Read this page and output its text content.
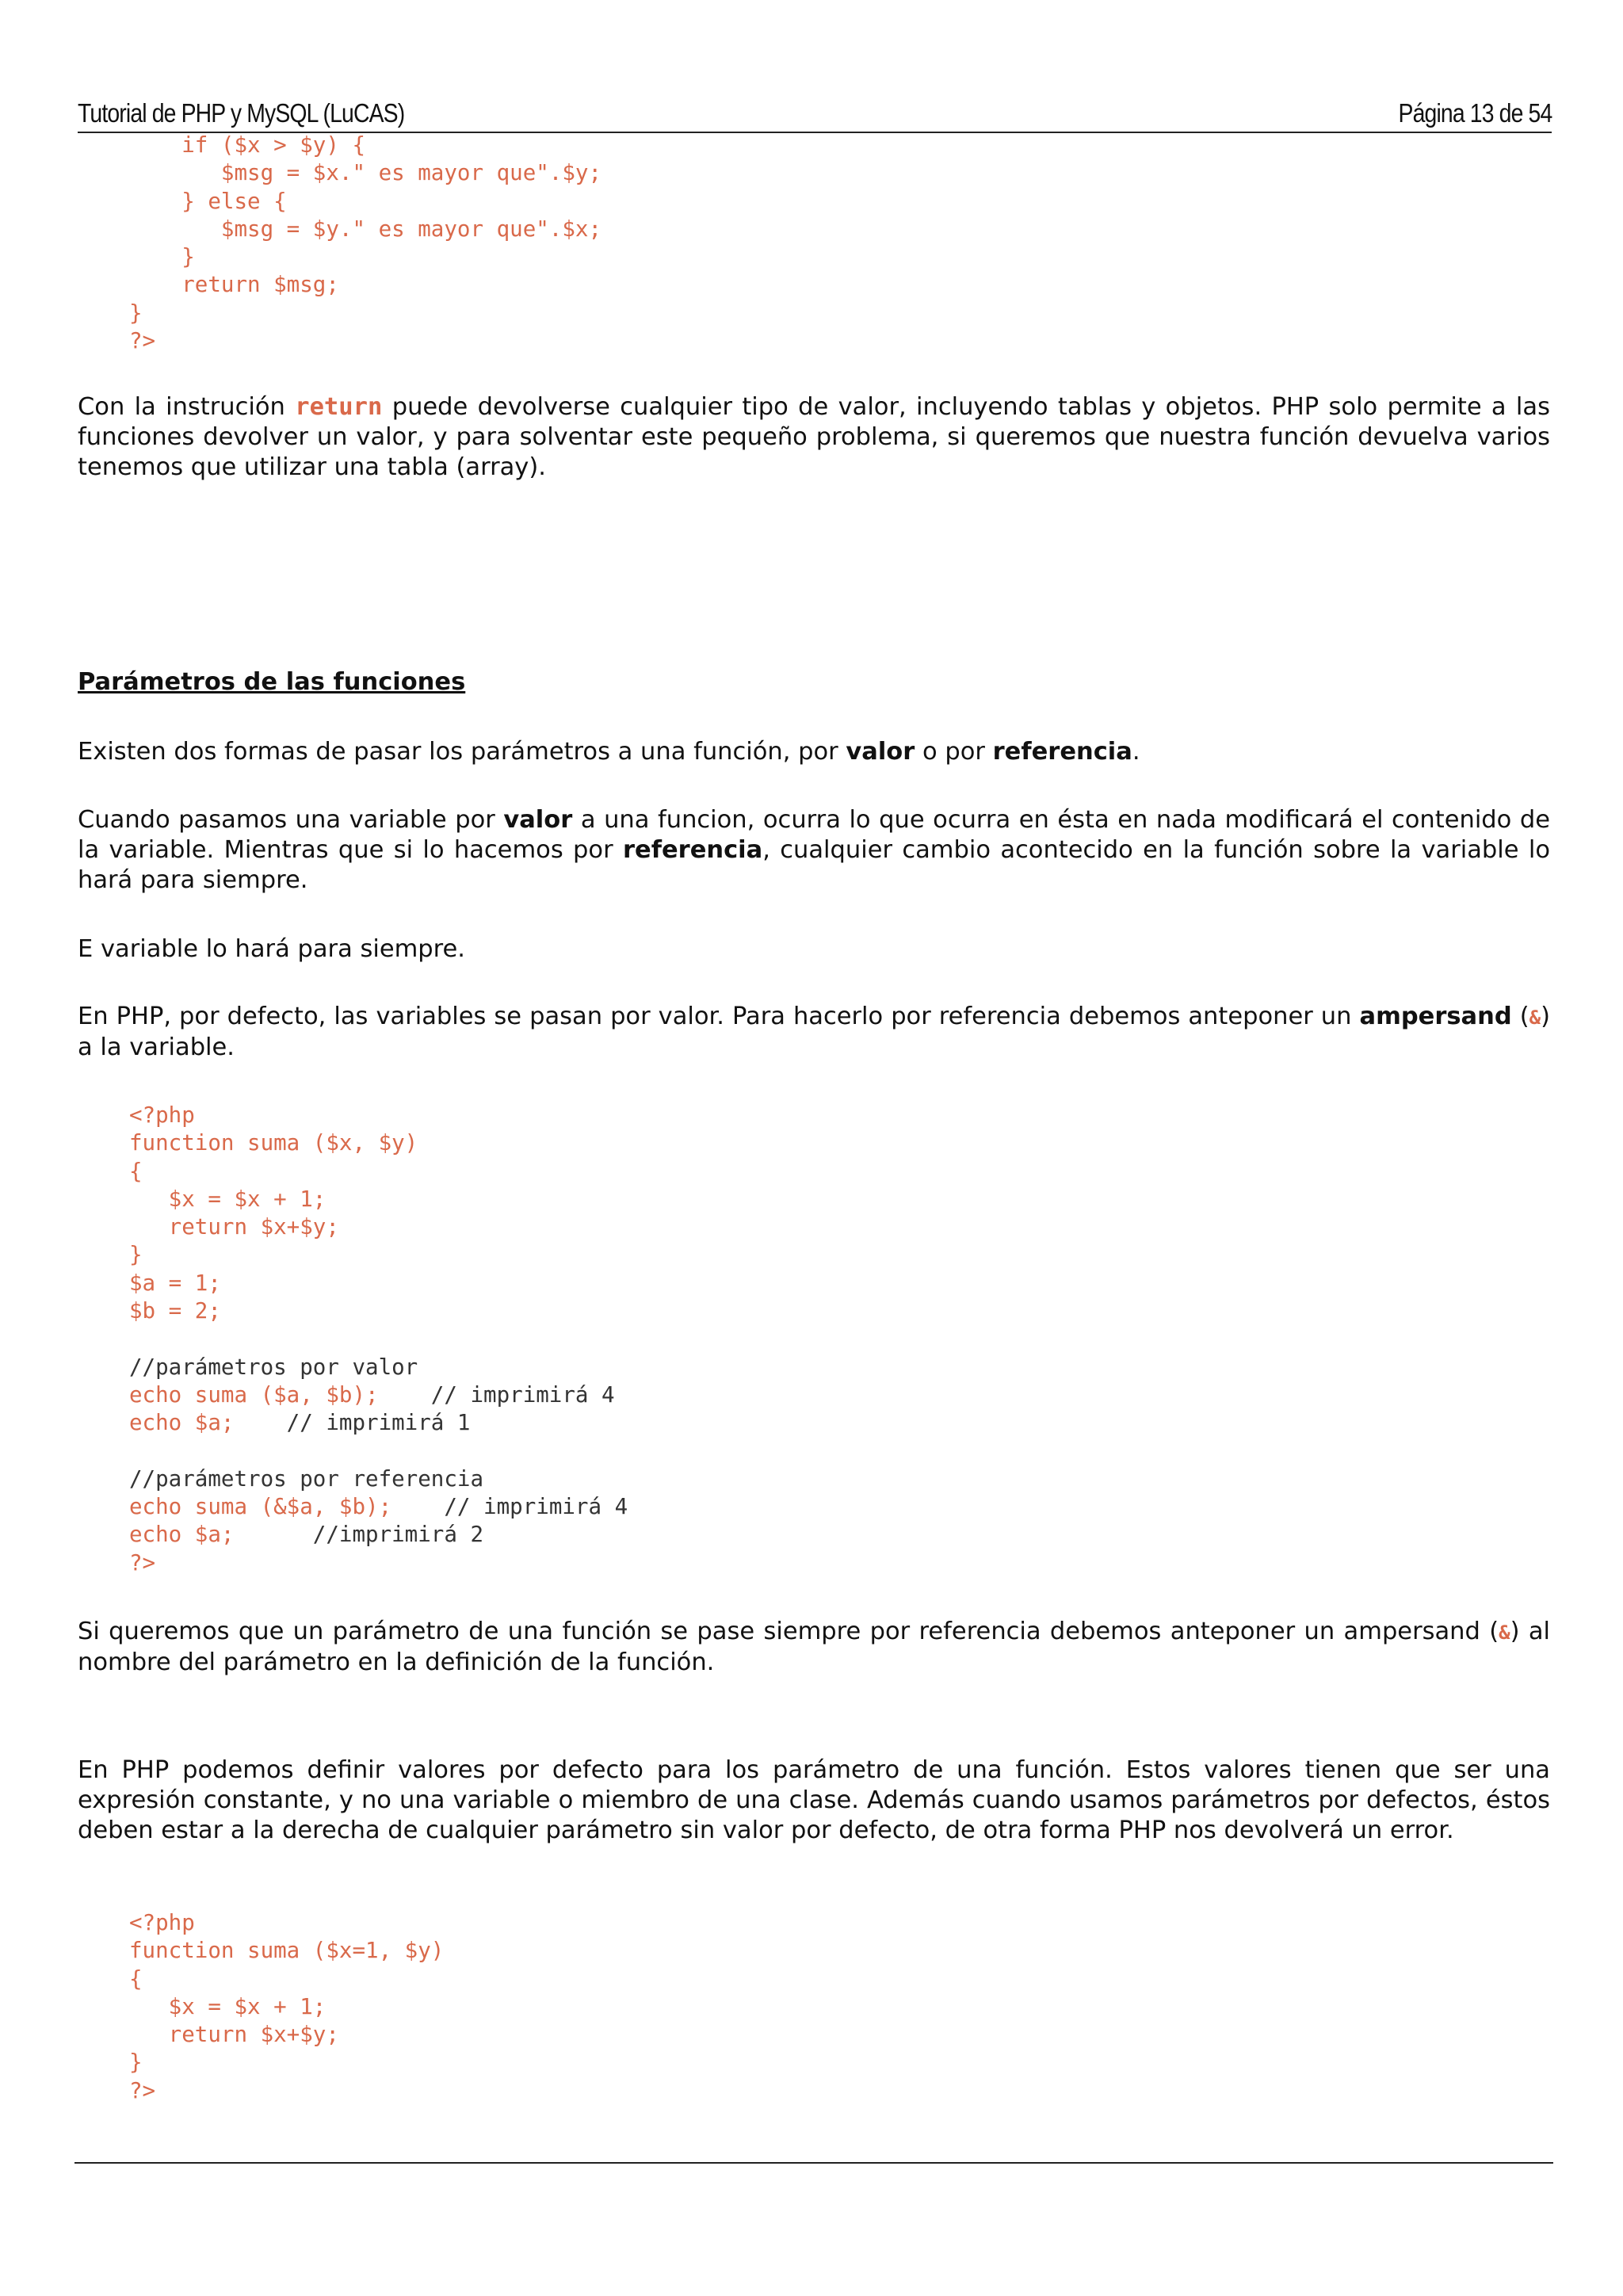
Tutorial de PHP y MySQL (LuCAS)	Página 13 de 54
if ($x > $y) {
$msg = $x." es mayor que".$y;
} else {
$msg = $y." es mayor que".$x;
}
return $msg;
}
?>

Con la instrución return puede devolverse cualquier tipo de valor, incluyendo tablas y objetos. PHP solo permite a las funciones devolver un valor, y para solventar este pequeño problema, si queremos que nuestra función devuelva varios tenemos que utilizar una tabla (array).

Parámetros de las funciones

Existen dos formas de pasar los parámetros a una función, por valor o por referencia.

Cuando pasamos una variable por valor a una funcion, ocurra lo que ocurra en ésta en nada modificará el contenido de la variable. Mientras que si lo hacemos por referencia, cualquier cambio acontecido en la función sobre la variable lo hará para siempre.

E variable lo hará para siempre.

En PHP, por defecto, las variables se pasan por valor. Para hacerlo por referencia debemos anteponer un ampersand (&) a la variable.

<?php
function suma ($x, $y)
{
$x = $x + 1;
return $x+$y;
}
$a = 1;
$b = 2;
//parámetros por valor
echo suma ($a, $b);    // imprimirá 4
echo $a;    // imprimirá 1
//parámetros por referencia
echo suma (&$a, $b);    // imprimirá 4
echo $a;      //imprimirá 2
?>

Si queremos que un parámetro de una función se pase siempre por referencia debemos anteponer un ampersand (&) al nombre del parámetro en la definición de la función.

En PHP podemos definir valores por defecto para los parámetro de una función. Estos valores tienen que ser una expresión constante, y no una variable o miembro de una clase. Además cuando usamos parámetros por defectos, éstos deben estar a la derecha de cualquier parámetro sin valor por defecto, de otra forma PHP nos devolverá un error.

<?php
function suma ($x=1, $y)
{
$x = $x + 1;
return $x+$y;
}
?>
